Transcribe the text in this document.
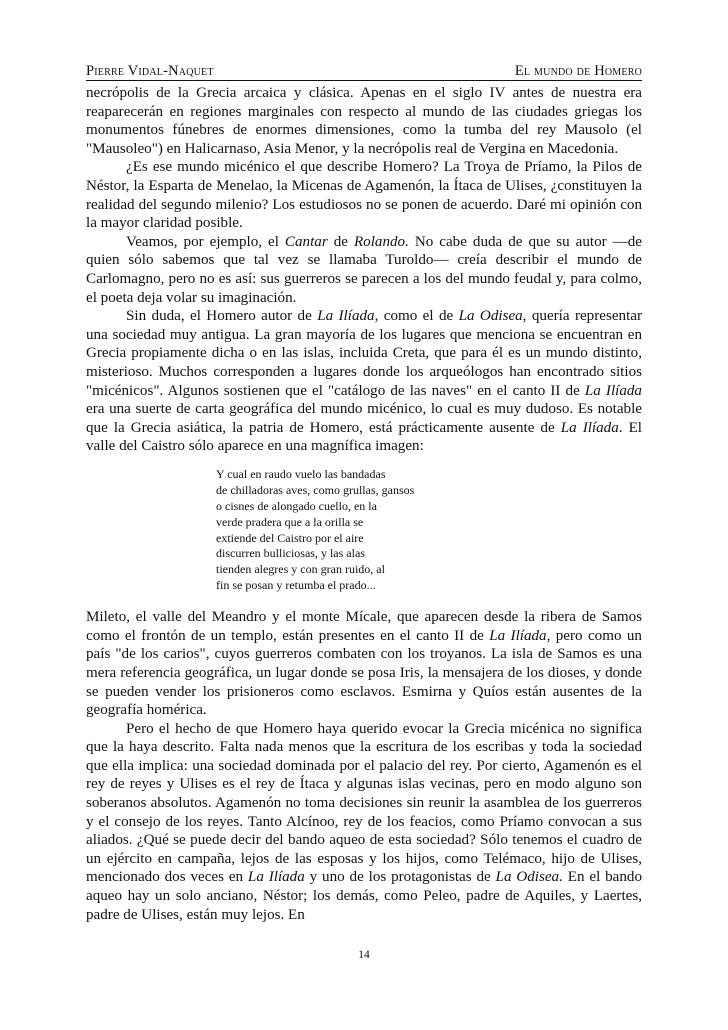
Pierre Vidal-Naquet	El mundo de Homero

necrópolis de la Grecia arcaica y clásica. Apenas en el siglo IV antes de nuestra era reaparecerán en regiones marginales con respecto al mundo de las ciudades griegas los monumentos fúnebres de enormes dimensiones, como la tumba del rey Mausolo (el "Mausoleo") en Halicarnaso, Asia Menor, y la necrópolis real de Vergina en Macedonia.

¿Es ese mundo micénico el que describe Homero? La Troya de Príamo, la Pilos de Néstor, la Esparta de Menelao, la Micenas de Agamenón, la Ítaca de Ulises, ¿constituyen la realidad del segundo milenio? Los estudiosos no se ponen de acuerdo. Daré mi opinión con la mayor claridad posible.

Veamos, por ejemplo, el Cantar de Rolando. No cabe duda de que su autor —de quien sólo sabemos que tal vez se llamaba Turoldo— creía describir el mundo de Carlomagno, pero no es así: sus guerreros se parecen a los del mundo feudal y, para colmo, el poeta deja volar su imaginación.

Sin duda, el Homero autor de La Ilíada, como el de La Odisea, quería representar una sociedad muy antigua. La gran mayoría de los lugares que menciona se encuentran en Grecia propiamente dicha o en las islas, incluida Creta, que para él es un mundo distinto, misterioso. Muchos corresponden a lugares donde los arqueólogos han encontrado sitios "micénicos". Algunos sostienen que el "catálogo de las naves" en el canto II de La Ilíada era una suerte de carta geográfica del mundo micénico, lo cual es muy dudoso. Es notable que la Grecia asiática, la patria de Homero, está prácticamente ausente de La Ilíada. El valle del Caistro sólo aparece en una magnífica imagen:

Y cual en raudo vuelo las bandadas
de chilladoras aves, como grullas, gansos
o cisnes de alongado cuello, en la
verde pradera que a la orilla se
extiende del Caistro por el aire
discurren bulliciosas, y las alas
tienden alegres y con gran ruido, al
fin se posan y retumba el prado...

Mileto, el valle del Meandro y el monte Mícale, que aparecen desde la ribera de Samos como el frontón de un templo, están presentes en el canto II de La Ilíada, pero como un país "de los carios", cuyos guerreros combaten con los troyanos. La isla de Samos es una mera referencia geográfica, un lugar donde se posa Iris, la mensajera de los dioses, y donde se pueden vender los prisioneros como esclavos. Esmirna y Quíos están ausentes de la geografía homérica.

Pero el hecho de que Homero haya querido evocar la Grecia micénica no significa que la haya descrito. Falta nada menos que la escritura de los escribas y toda la sociedad que ella implica: una sociedad dominada por el palacio del rey. Por cierto, Agamenón es el rey de reyes y Ulises es el rey de Ítaca y algunas islas vecinas, pero en modo alguno son soberanos absolutos. Agamenón no toma decisiones sin reunir la asamblea de los guerreros y el consejo de los reyes. Tanto Alcínoo, rey de los feacios, como Príamo convocan a sus aliados. ¿Qué se puede decir del bando aqueo de esta sociedad? Sólo tenemos el cuadro de un ejército en campaña, lejos de las esposas y los hijos, como Telémaco, hijo de Ulises, mencionado dos veces en La Ilíada y uno de los protagonistas de La Odisea. En el bando aqueo hay un solo anciano, Néstor; los demás, como Peleo, padre de Aquiles, y Laertes, padre de Ulises, están muy lejos. En

14
